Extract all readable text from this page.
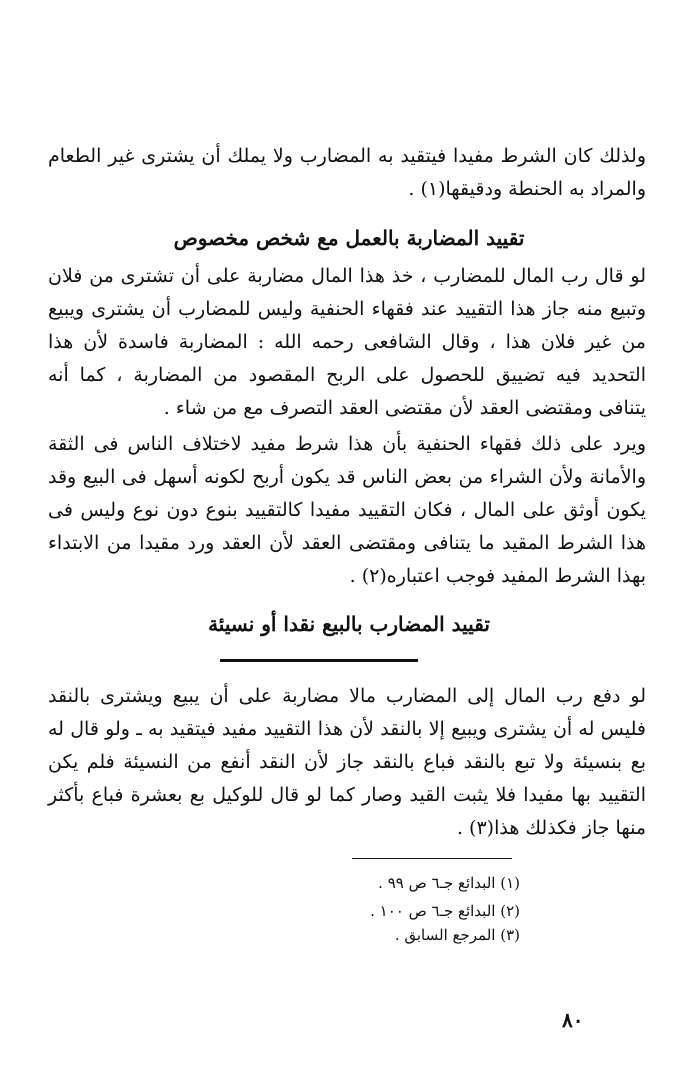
ولذلك كان الشرط مفيدا فيتقيد به المضارب ولا يملك أن يشترى غير الطعام والمراد به الحنطة ودقيقها(١) .
تقييد المضاربة بالعمل مع شخص مخصوص
لو قال رب المال للمضارب ، خذ هذا المال مضاربة على أن تشترى من فلان وتبيع منه جاز هذا التقييد عند فقهاء الحنفية وليس للمضارب أن يشترى ويبيع من غير فلان هذا ، وقال الشافعى رحمه الله : المضاربة فاسدة لأن هذا التحديد فيه تضييق للحصول على الربح المقصود من المضاربة ، كما أنه يتنافى ومقتضى العقد لأن مقتضى العقد التصرف مع من شاء .
ويرد على ذلك فقهاء الحنفية بأن هذا شرط مفيد لاختلاف الناس فى الثقة والأمانة ولأن الشراء من بعض الناس قد يكون أربح لكونه أسهل فى البيع وقد يكون أوثق على المال ، فكان التقييد مفيدا كالتقييد بنوع دون نوع وليس فى هذا الشرط المقيد ما يتنافى ومقتضى العقد لأن العقد ورد مقيدا من الابتداء بهذا الشرط المفيد فوجب اعتباره(٢) .
تقييد المضارب بالبيع نقدا أو نسيئة
لو دفع رب المال إلى المضارب مالا مضاربة على أن يبيع ويشترى بالنقد فليس له أن يشترى ويبيع إلا بالنقد لأن هذا التقييد مفيد فيتقيد به ـ ولو قال له بع بنسيئة ولا تبع بالنقد فباع بالنقد جاز لأن النقد أنفع من النسيئة فلم يكن التقييد بها مفيدا فلا يثبت القيد وصار كما لو قال للوكيل بع بعشرة فباع بأكثر منها جاز فكذلك هذا(٣) .
(١) البدائع جـ٦ ص ٩٩ .
(٢) البدائع جـ٦ ص ١٠٠ .
(٣) المرجع السابق .
٨٠
